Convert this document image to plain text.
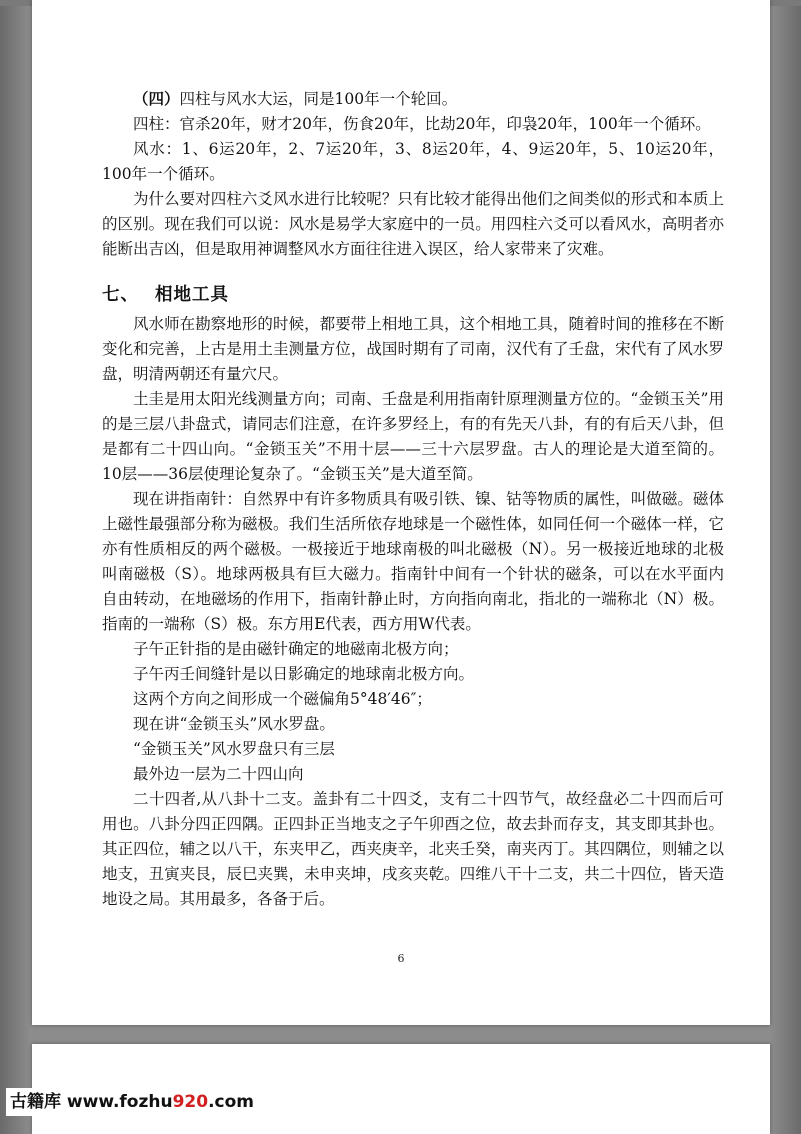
（四）四柱与风水大运，同是100年一个轮回。

四柱：官杀20年，财才20年，伤食20年，比劫20年，印袅20年，100年一个循环。

风水：1、6运20年，2、7运20年，3、8运20年，4、9运20年，5、10运20年，100年一个循环。

为什么要对四柱六爻风水进行比较呢？只有比较才能得出他们之间类似的形式和本质上的区别。现在我们可以说：风水是易学大家庭中的一员。用四柱六爻可以看风水，高明者亦能断出吉凶，但是取用神调整风水方面往往进入误区，给人家带来了灾难。

七、 相地工具

风水师在勘察地形的时候，都要带上相地工具，这个相地工具，随着时间的推移在不断变化和完善，上古是用土圭测量方位，战国时期有了司南，汉代有了壬盘，宋代有了风水罗盘，明清两朝还有量穴尺。

土圭是用太阳光线测量方向；司南、壬盘是利用指南针原理测量方位的。“金锁玉关”用的是三层八卦盘式，请同志们注意，在许多罗经上，有的有先天八卦，有的有后天八卦，但是都有二十四山向。“金锁玉关”不用十层——三十六层罗盘。古人的理论是大道至简的。10层——36层使理论复杂了。“金锁玉关”是大道至简。

现在讲指南针：自然界中有许多物质具有吸引铁、镍、钴等物质的属性，叫做磁。磁体上磁性最强部分称为磁极。我们生活所依存地球是一个磁性体，如同任何一个磁体一样，它亦有性质相反的两个磁极。一极接近于地球南极的叫北磁极（N）。另一极接近地球的北极叫南磁极（S）。地球两极具有巨大磁力。指南针中间有一个针状的磁条，可以在水平面内自由转动，在地磁场的作用下，指南针静止时，方向指向南北，指北的一端称北（N）极。指南的一端称（S）极。东方用E代表，西方用W代表。

子午正针指的是由磁针确定的地磁南北极方向；

子午丙壬间缝针是以日影确定的地球南北极方向。

这两个方向之间形成一个磁偏角5°48′46″；

现在讲“金锁玉头”风水罗盘。

“金锁玉关”风水罗盘只有三层

最外边一层为二十四山向

二十四者,从八卦十二支。盖卦有二十四爻，支有二十四节气，故经盘必二十四而后可用也。八卦分四正四隅。正四卦正当地支之子午卯酉之位，故去卦而存支，其支即其卦也。其正四位，辅之以八干，东夹甲乙，西夹庚辛，北夹壬癸，南夹丙丁。其四隅位，则辅之以地支，丑寅夹艮，辰巳夹巽，未申夹坤，戌亥夹乾。四维八干十二支，共二十四位，皆天造地设之局。其用最多，各备于后。

6
古籍库 www.fozhu920.com
